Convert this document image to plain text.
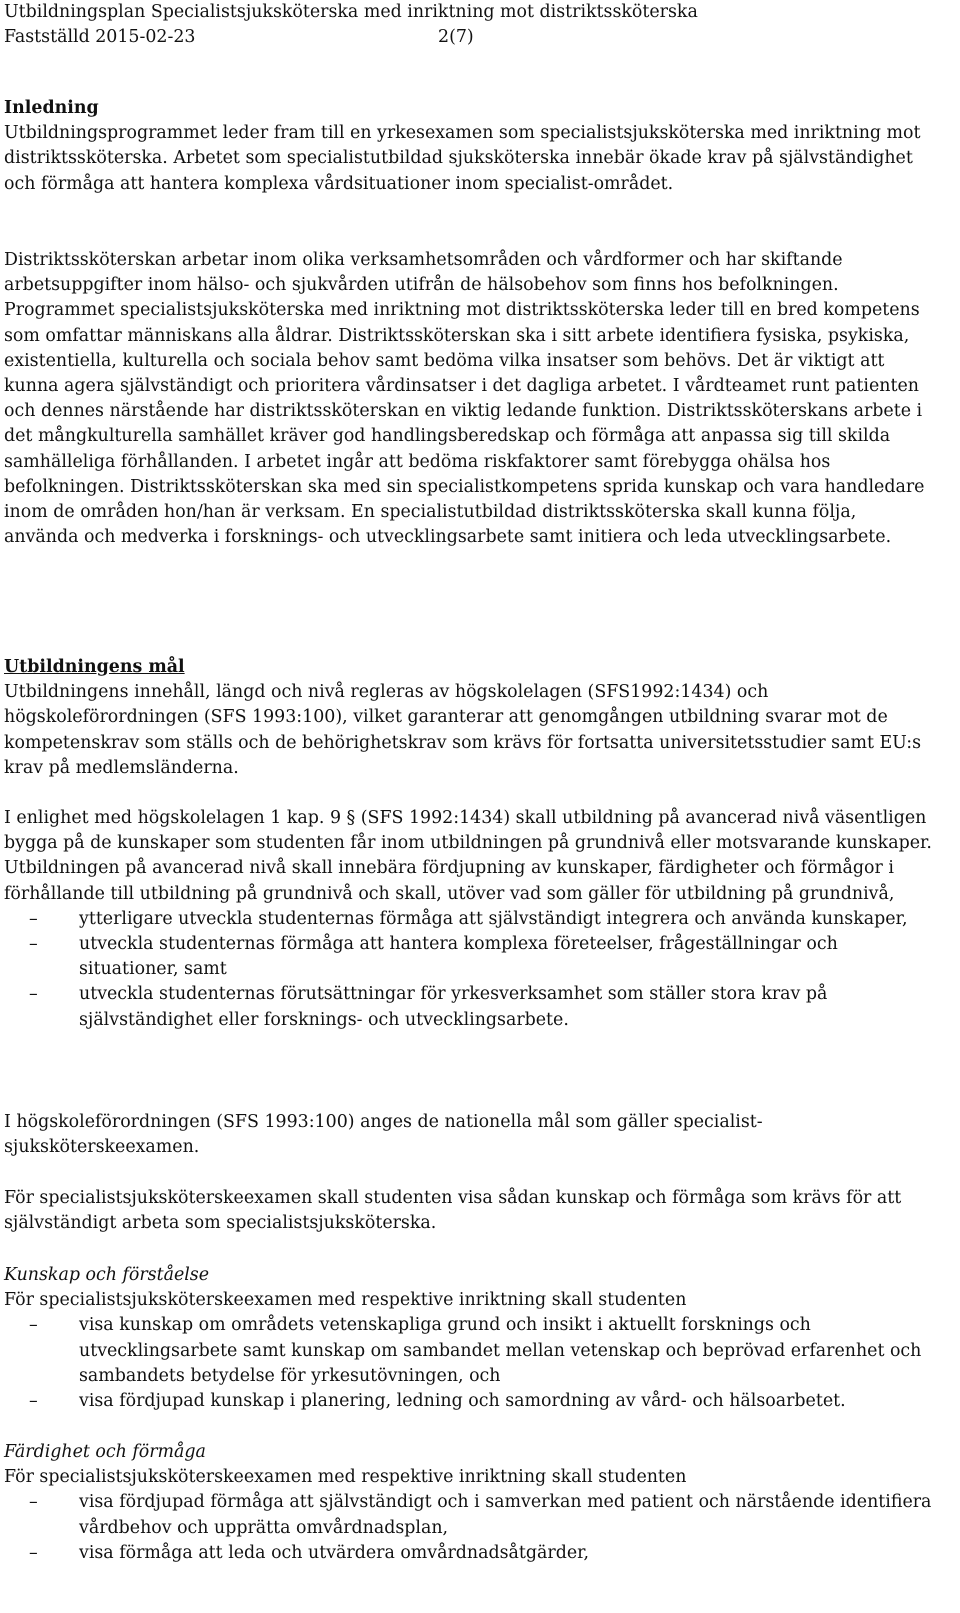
Utbildningsplan Specialistsjuksköterska med inriktning mot distriktssköterska
Fastställd 2015-02-23	2(7)

Inledning

Utbildningsprogrammet leder fram till en yrkesexamen som specialistsjuksköterska med inriktning mot distriktssköterska. Arbetet som specialistutbildad sjuksköterska innebär ökade krav på självständighet och förmåga att hantera komplexa vårdsituationer inom specialist-området.

Distriktssköterskan arbetar inom olika verksamhetsområden och vårdformer och har skiftande arbetsuppgifter inom hälso- och sjukvården utifrån de hälsobehov som finns hos befolkningen. Programmet specialistsjuksköterska med inriktning mot distriktssköterska leder till en bred kompetens som omfattar människans alla åldrar. Distriktssköterskan ska i sitt arbete identifiera fysiska, psykiska, existentiella, kulturella och sociala behov samt bedöma vilka insatser som behövs. Det är viktigt att kunna agera självständigt och prioritera vårdinsatser i det dagliga arbetet. I vårdteamet runt patienten och dennes närstående har distriktssköterskan en viktig ledande funktion. Distriktssköterskans arbete i det mångkulturella samhället kräver god handlingsberedskap och förmåga att anpassa sig till skilda samhälleliga förhållanden. I arbetet ingår att bedöma riskfaktorer samt förebygga ohälsa hos befolkningen. Distriktssköterskan ska med sin specialistkompetens sprida kunskap och vara handledare inom de områden hon/han är verksam. En specialistutbildad distriktssköterska skall kunna följa, använda och medverka i forsknings- och utvecklingsarbete samt initiera och leda utvecklingsarbete.

Utbildningens mål

Utbildningens innehåll, längd och nivå regleras av högskolelagen (SFS1992:1434) och högskoleförordningen (SFS 1993:100), vilket garanterar att genomgången utbildning svarar mot de kompetenskrav som ställs och de behörighetskrav som krävs för fortsatta universitetsstudier samt EU:s krav på medlemsländerna.

I enlighet med högskolelagen 1 kap. 9 § (SFS 1992:1434) skall utbildning på avancerad nivå väsentligen bygga på de kunskaper som studenten får inom utbildningen på grundnivå eller motsvarande kunskaper. Utbildningen på avancerad nivå skall innebära fördjupning av kunskaper, färdigheter och förmågor i förhållande till utbildning på grundnivå och skall, utöver vad som gäller för utbildning på grundnivå,

– ytterligare utveckla studenternas förmåga att självständigt integrera och använda kunskaper,
– utveckla studenternas förmåga att hantera komplexa företeelser, frågeställningar och situationer, samt
– utveckla studenternas förutsättningar för yrkesverksamhet som ställer stora krav på självständighet eller forsknings- och utvecklingsarbete.

I högskoleförordningen (SFS 1993:100) anges de nationella mål som gäller specialist-sjuksköterskeexamen.

För specialistsjuksköterskeexamen skall studenten visa sådan kunskap och förmåga som krävs för att självständigt arbeta som specialistsjuksköterska.

Kunskap och förståelse

För specialistsjuksköterskeexamen med respektive inriktning skall studenten

– visa kunskap om områdets vetenskapliga grund och insikt i aktuellt forsknings och utvecklingsarbete samt kunskap om sambandet mellan vetenskap och beprövad erfarenhet och sambandets betydelse för yrkesutövningen, och
– visa fördjupad kunskap i planering, ledning och samordning av vård- och hälsoarbetet.

Färdighet och förmåga

För specialistsjuksköterskeexamen med respektive inriktning skall studenten

– visa fördjupad förmåga att självständigt och i samverkan med patient och närstående identifiera vårdbehov och upprätta omvårdnadsplan,
– visa förmåga att leda och utvärdera omvårdnadsåtgärder,
